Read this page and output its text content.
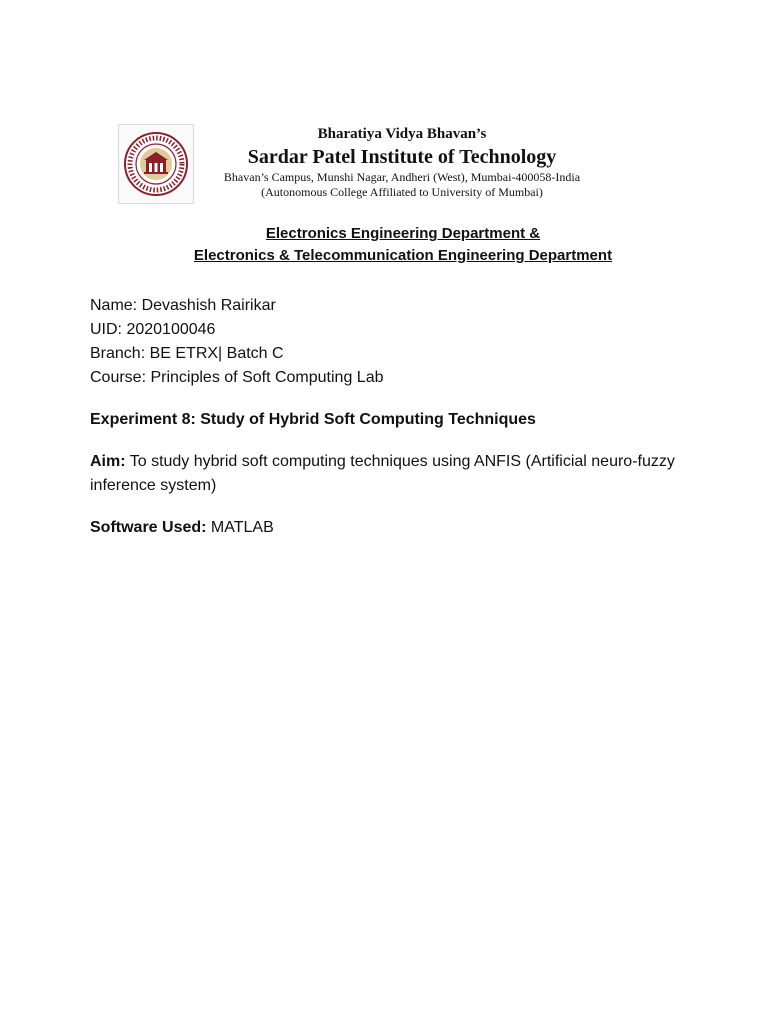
Bharatiya Vidya Bhavan’s
Sardar Patel Institute of Technology
Bhavan’s Campus, Munshi Nagar, Andheri (West), Mumbai-400058-India
(Autonomous College Affiliated to University of Mumbai)
Electronics Engineering Department &
Electronics & Telecommunication Engineering Department

Name: Devashish Rairikar

UID: 2020100046

Branch: BE ETRX| Batch C

Course: Principles of Soft Computing Lab

Experiment 8: Study of Hybrid Soft Computing Techniques

Aim: To study hybrid soft computing techniques using ANFIS (Artificial neuro-fuzzy inference system)

Software Used: MATLAB
